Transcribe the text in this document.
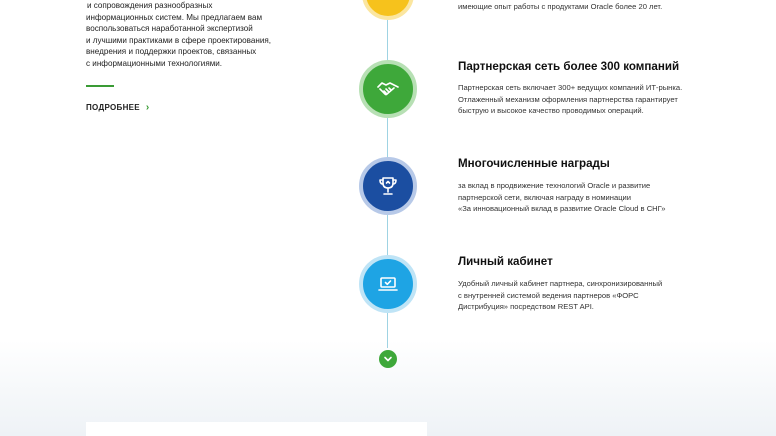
и сопровождения разнообразных
информационных систем. Мы предлагаем вам
воспользоваться наработанной экспертизой
и лучшими практиками в сфере проектирования,
внедрения и поддержки проектов, связанных
с информационными технологиями.
ПОДРОБНЕЕ ›
имеющие опыт работы с продуктами Oracle более 20 лет.
Партнерская сеть более 300 компаний
Партнерская сеть включает 300+ ведущих компаний ИТ-рынка.
Отлаженный механизм оформления партнерства гарантирует
быструю и высокое качество проводимых операций.
Многочисленные награды
за вклад в продвижение технологий Oracle и развитие
партнерской сети, включая награду в номинации
«За инновационный вклад в развитие Oracle Cloud в СНГ»
Личный кабинет
Удобный личный кабинет партнера, синхронизированный
с внутренней системой ведения партнеров «ФОРС
Дистрибуция» посредством REST API.
